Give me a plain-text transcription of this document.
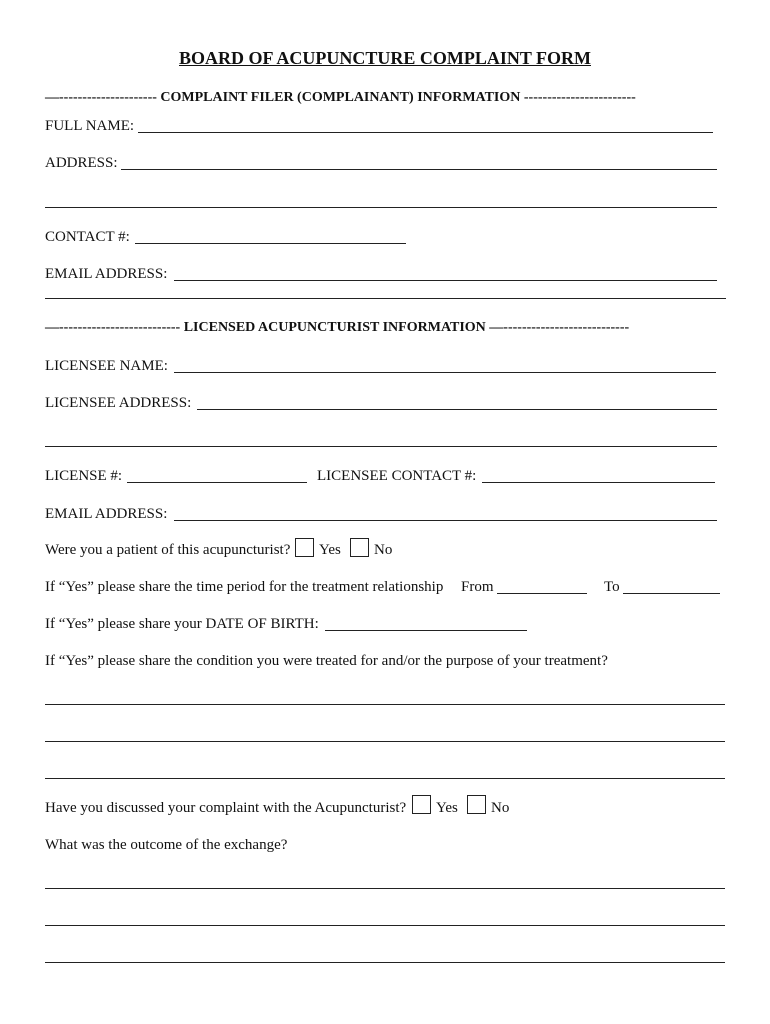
BOARD OF ACUPUNCTURE COMPLAINT FORM
—--------------------- COMPLAINT FILER (COMPLAINANT) INFORMATION ------------------------
FULL NAME:
ADDRESS:
CONTACT #:
EMAIL ADDRESS:
—-------------------------- LICENSED ACUPUNCTURIST INFORMATION —---------------------------
LICENSEE NAME:
LICENSEE ADDRESS:
LICENSE #:	LICENSEE CONTACT #:
EMAIL ADDRESS:
Were you a patient of this acupuncturist? Yes No
If “Yes” please share the time period for the treatment relationship From	To
If “Yes” please share your DATE OF BIRTH:
If “Yes” please share the condition you were treated for and/or the purpose of your treatment?
Have you discussed your complaint with the Acupuncturist? Yes No
What was the outcome of the exchange?
